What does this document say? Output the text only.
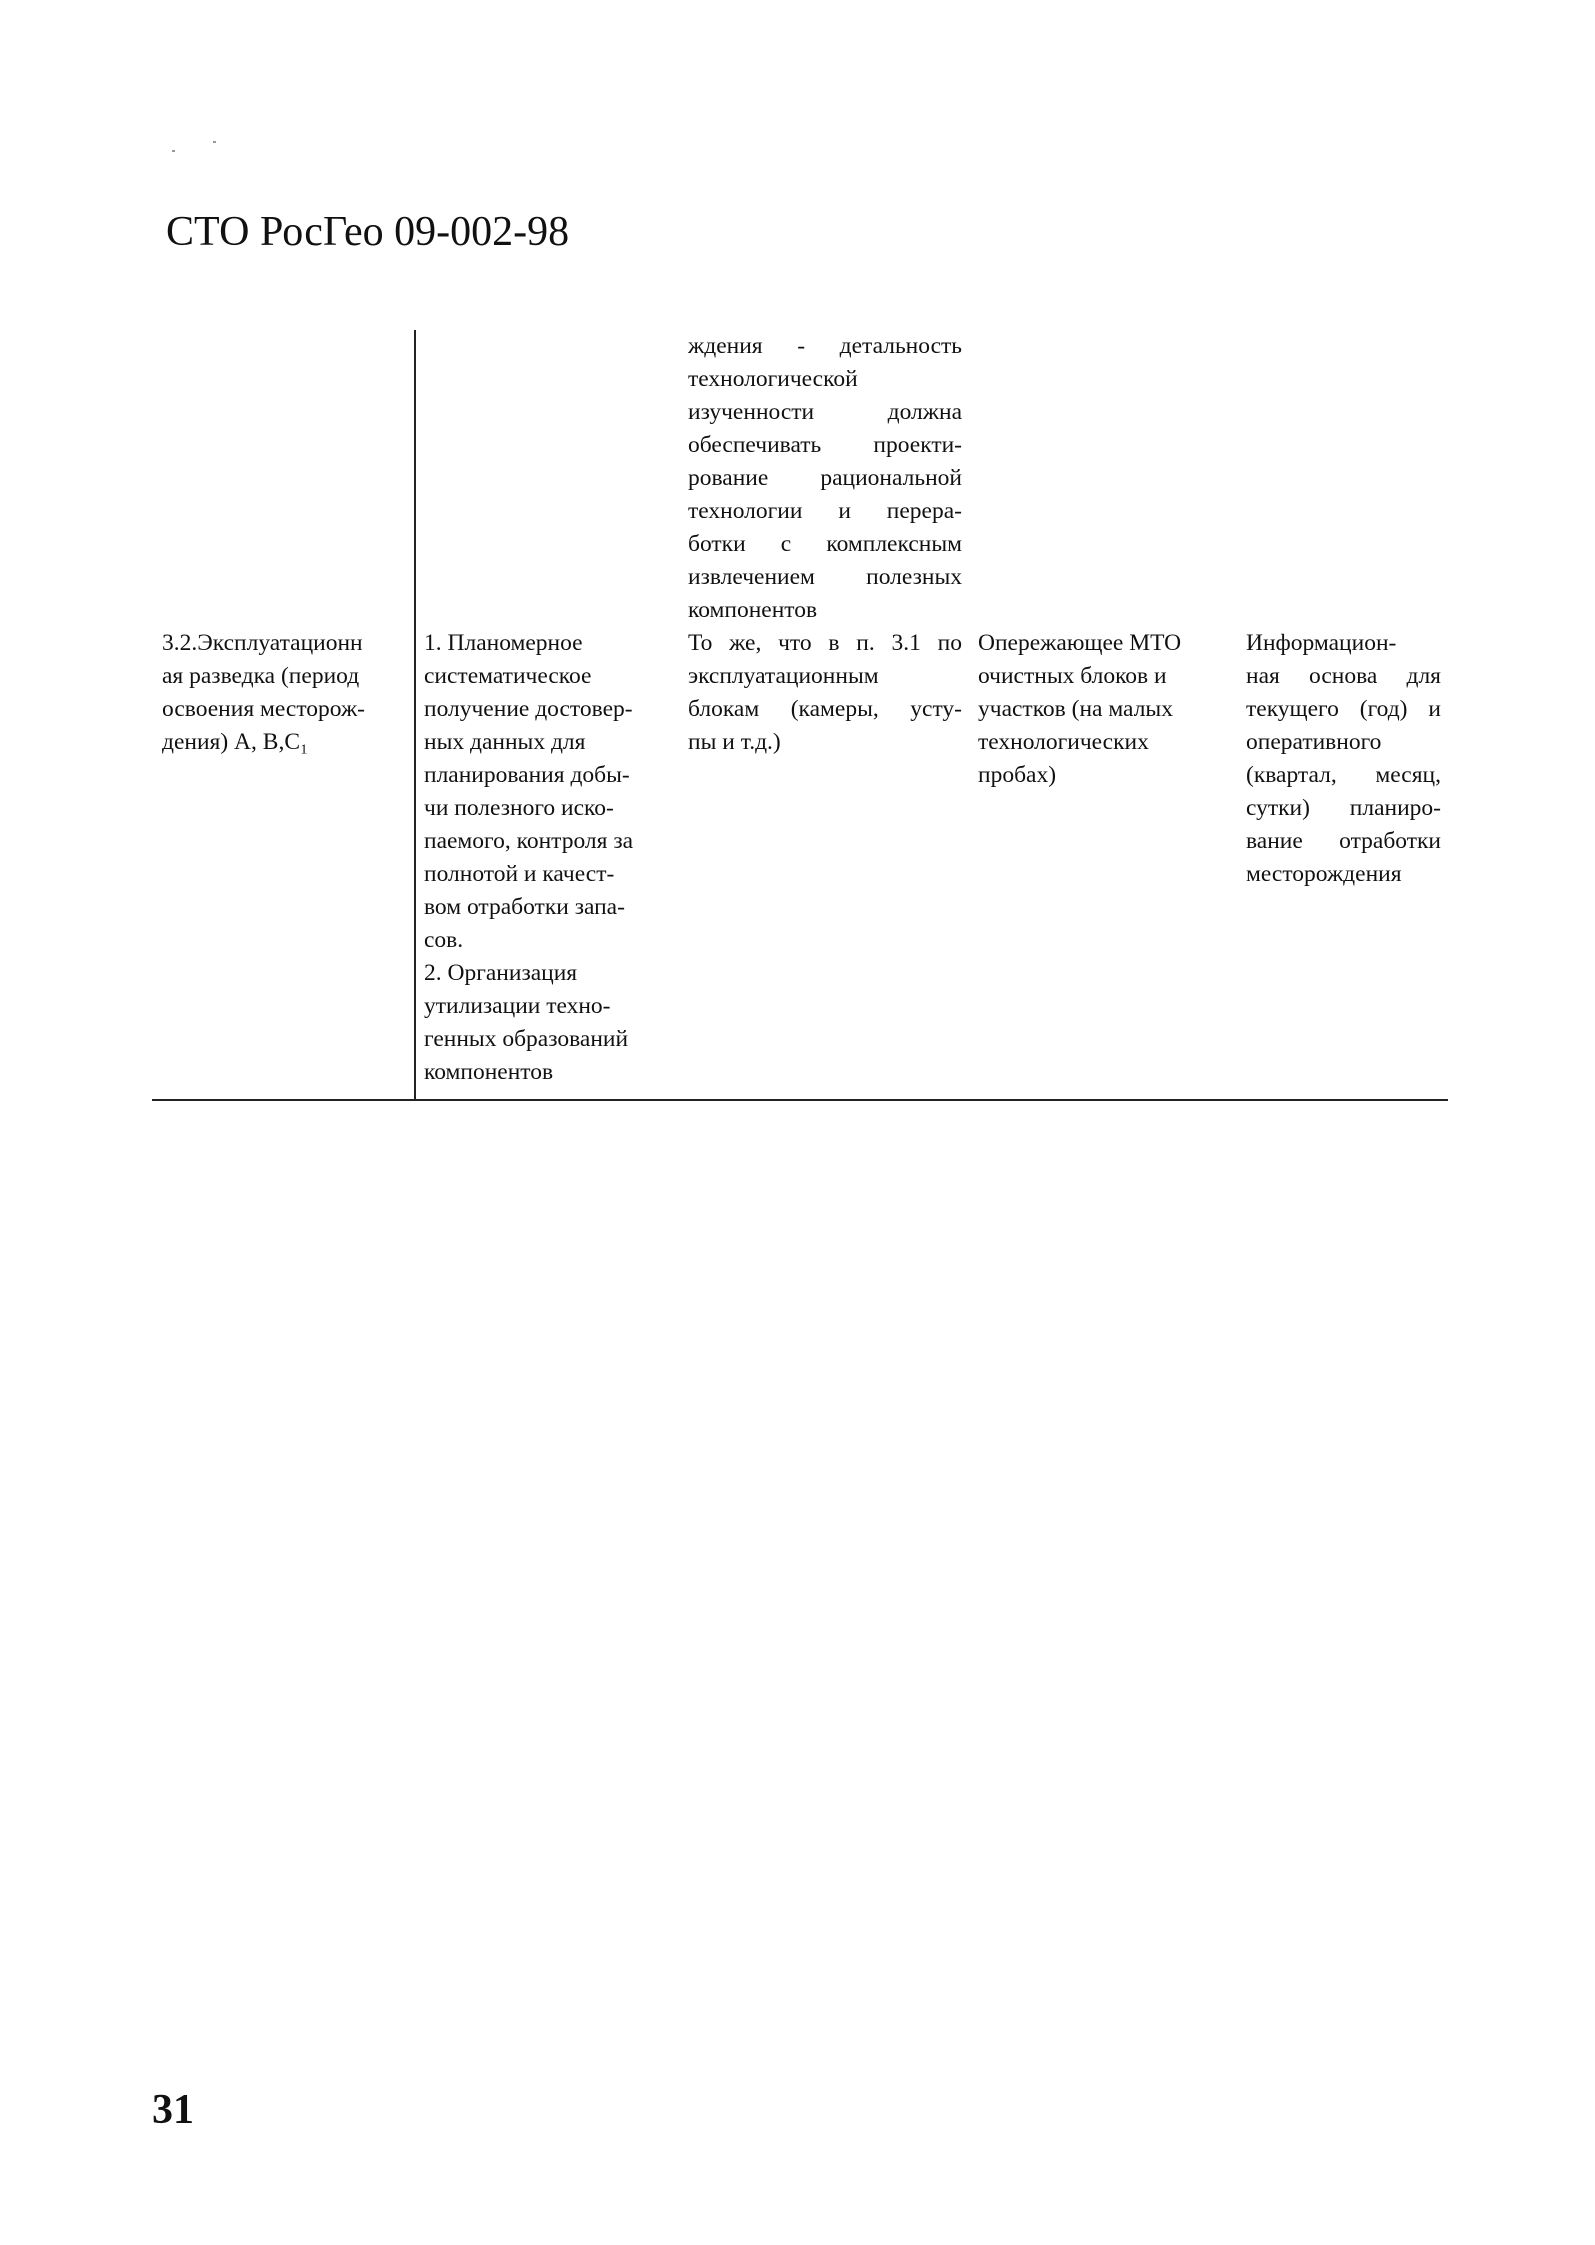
СТО РосГео 09-002-98
ждения - детальность
технологической
изученности должна
обеспечивать проекти-
рование рациональной
технологии и перера-
ботки с комплексным
извлечением полезных
компонентов
3.2.Эксплуатационн
ая разведка (период
освоения месторож-
дения) А, В,С₁
1. Планомерное
систематическое
получение достовер-
ных данных для
планирования добы-
чи полезного иско-
паемого, контроля за
полнотой и качест-
вом отработки запа-
сов.
2. Организация
утилизации техно-
генных образований
компонентов
То же, что в п. 3.1 по
эксплуатационным
блокам (камеры, усту-
пы и т.д.)
Опережающее МТО
очистных блоков и
участков (на малых
технологических
пробах)
Информацион-
ная основа для
текущего (год) и
оперативного
(квартал, месяц,
сутки) планиро-
вание отработки
месторождения
31
